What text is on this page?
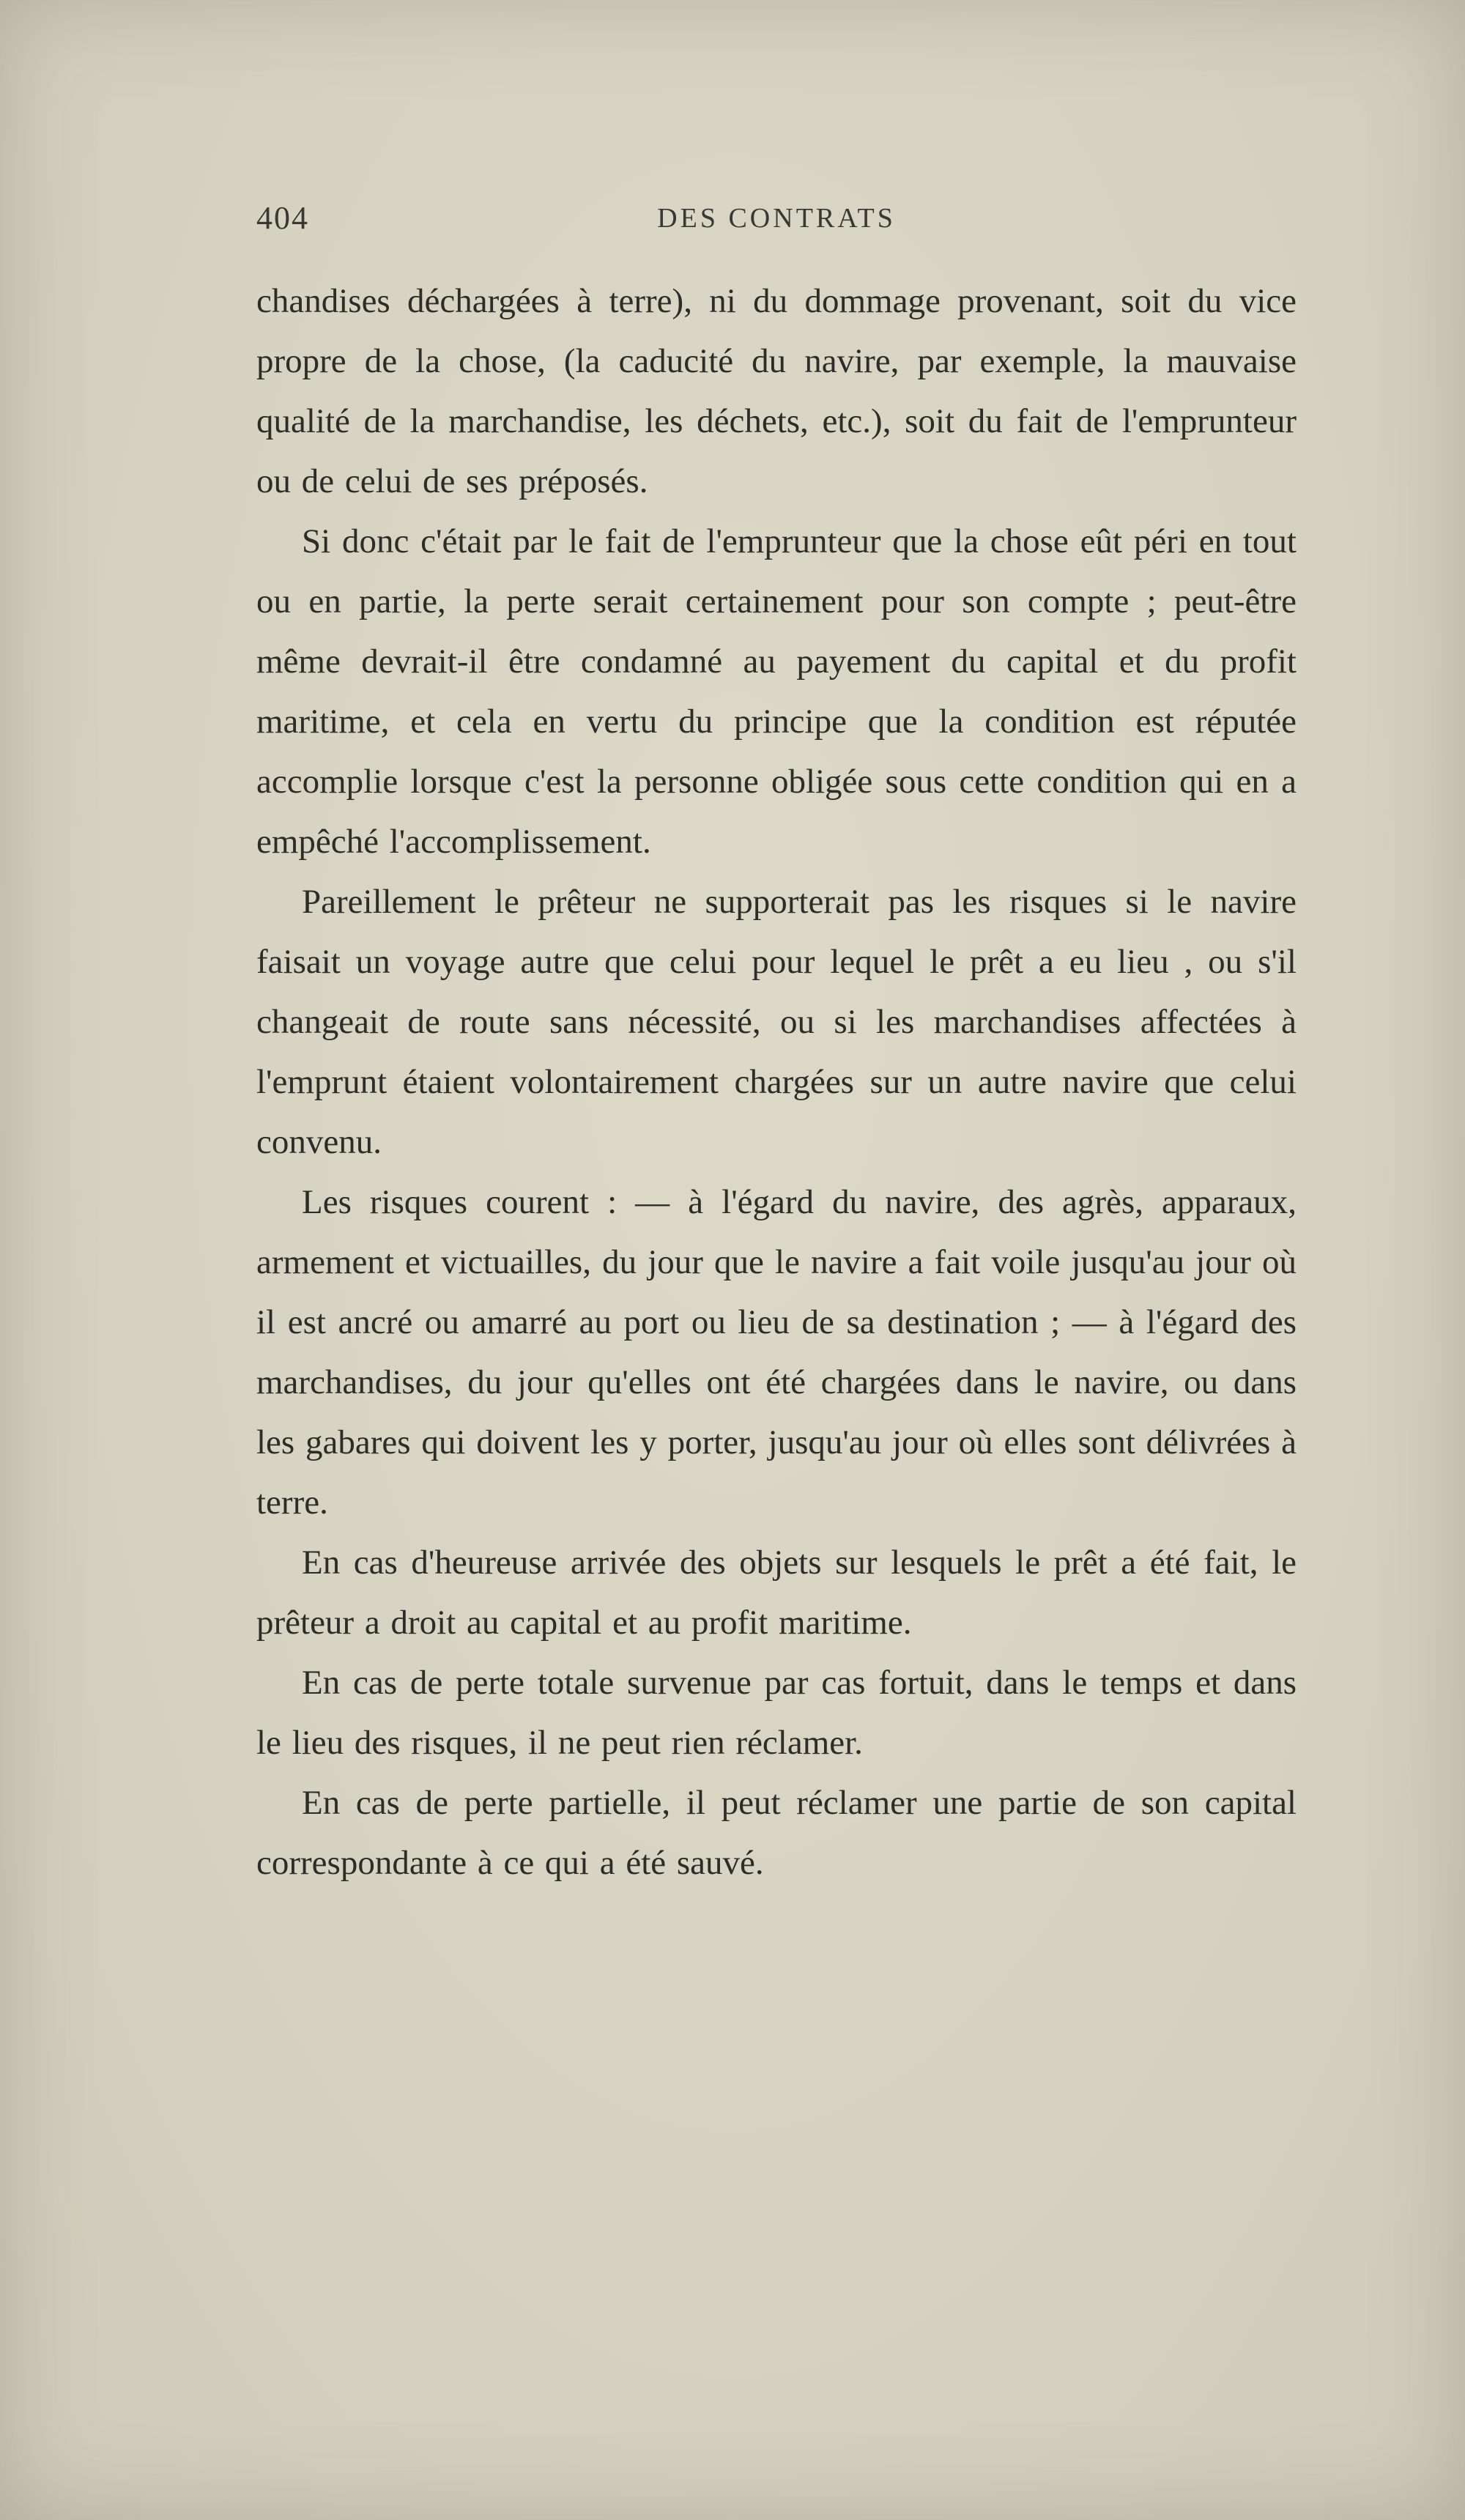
404	DES CONTRATS

chandises déchargées à terre), ni du dommage provenant, soit du vice propre de la chose, (la caducité du navire, par exemple, la mauvaise qualité de la marchandise, les déchets, etc.), soit du fait de l'emprunteur ou de celui de ses préposés.

Si donc c'était par le fait de l'emprunteur que la chose eût péri en tout ou en partie, la perte serait certainement pour son compte ; peut-être même devrait-il être condamné au payement du capital et du profit maritime, et cela en vertu du principe que la condition est réputée accomplie lorsque c'est la personne obligée sous cette condition qui en a empêché l'accomplissement.

Pareillement le prêteur ne supporterait pas les risques si le navire faisait un voyage autre que celui pour lequel le prêt a eu lieu , ou s'il changeait de route sans nécessité, ou si les marchandises affectées à l'emprunt étaient volontairement chargées sur un autre navire que celui convenu.

Les risques courent : — à l'égard du navire, des agrès, apparaux, armement et victuailles, du jour que le navire a fait voile jusqu'au jour où il est ancré ou amarré au port ou lieu de sa destination ; — à l'égard des marchandises, du jour qu'elles ont été chargées dans le navire, ou dans les gabares qui doivent les y porter, jusqu'au jour où elles sont délivrées à terre.

En cas d'heureuse arrivée des objets sur lesquels le prêt a été fait, le prêteur a droit au capital et au profit maritime.

En cas de perte totale survenue par cas fortuit, dans le temps et dans le lieu des risques, il ne peut rien réclamer.

En cas de perte partielle, il peut réclamer une partie de son capital correspondante à ce qui a été sauvé.
